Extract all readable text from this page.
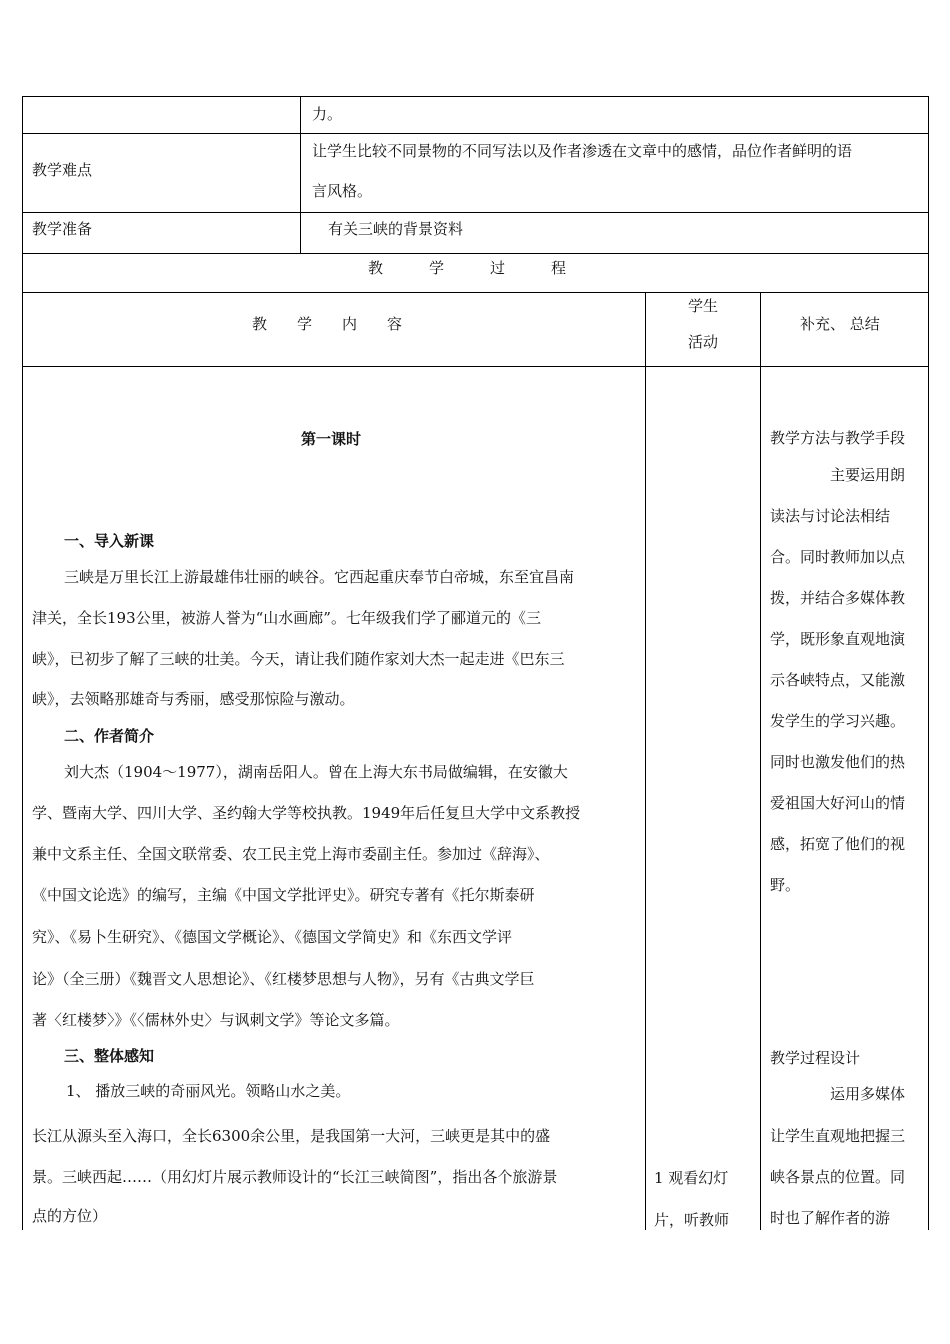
力。
教学难点
让学生比较不同景物的不同写法以及作者渗透在文章中的感情，品位作者鲜明的语
言风格。
教学准备	有关三峡的背景资料
教学过程
教学内容
学生
活动
补充、 总结
第一课时
一、导入新课
三峡是万里长江上游最雄伟壮丽的峡谷。它西起重庆奉节白帝城，东至宜昌南
津关，全长193公里，被游人誉为“山水画廊”。七年级我们学了郦道元的《三
峡》，已初步了解了三峡的壮美。今天，请让我们随作家刘大杰一起走进《巴东三
峡》，去领略那雄奇与秀丽，感受那惊险与激动。
二、作者简介
刘大杰（1904～1977），湖南岳阳人。曾在上海大东书局做编辑，在安徽大
学、暨南大学、四川大学、圣约翰大学等校执教。1949年后任复旦大学中文系教授
兼中文系主任、全国文联常委、农工民主党上海市委副主任。参加过《辞海》、
《中国文论选》的编写，主编《中国文学批评史》。研究专著有《托尔斯泰研
究》、《易卜生研究》、《德国文学概论》、《德国文学简史》和《东西文学评
论》（全三册）《魏晋文人思想论》、《红楼梦思想与人物》，另有《古典文学巨
著〈红楼梦〉》《〈儒林外史〉与讽刺文学》等论文多篇。
三、整体感知
1、 播放三峡的奇丽风光。领略山水之美。
长江从源头至入海口，全长6300余公里，是我国第一大河，三峡更是其中的盛
景。三峡西起……（用幻灯片展示教师设计的“长江三峡简图”，指出各个旅游景
点的方位）
1 观看幻灯
片，听教师
教学方法与教学手段
主要运用朗
读法与讨论法相结
合。同时教师加以点
拨，并结合多媒体教
学，既形象直观地演
示各峡特点，又能激
发学生的学习兴趣。
同时也激发他们的热
爱祖国大好河山的情
感，拓宽了他们的视
野。
教学过程设计
运用多媒体
让学生直观地把握三
峡各景点的位置。同
时也了解作者的游
